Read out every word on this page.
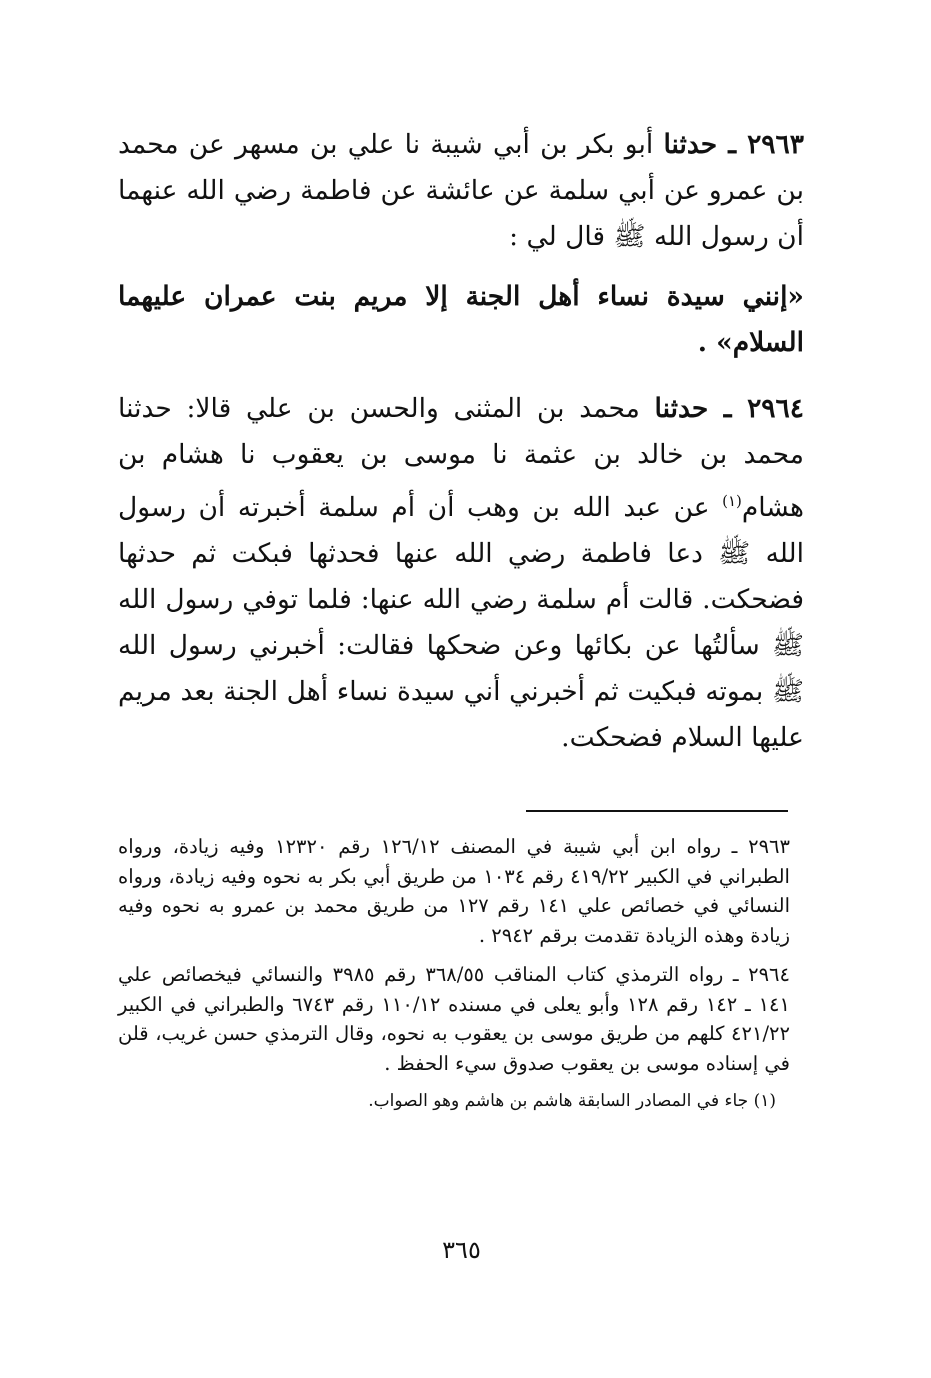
٢٩٦٣ ـ حدثنا أبو بكر بن أبي شيبة نا علي بن مسهر عن محمد بن عمرو عن أبي سلمة عن عائشة عن فاطمة رضي الله عنهما أن رسول الله ﷺ قال لي :

«إنني سيدة نساء أهل الجنة إلا مريم بنت عمران عليهما السلام» .

٢٩٦٤ ـ حدثنا محمد بن المثنى والحسن بن علي قالا: حدثنا محمد بن خالد بن عثمة نا موسى بن يعقوب نا هشام بن هشام$^{(١)}$ عن عبد الله بن وهب أن أم سلمة أخبرته أن رسول الله ﷺ دعا فاطمة رضي الله عنها فحدثها فبكت ثم حدثها فضحكت. قالت أم سلمة رضي الله عنها: فلما توفي رسول الله ﷺ سألتُها عن بكائها وعن ضحكها فقالت: أخبرني رسول الله ﷺ بموته فبكيت ثم أخبرني أني سيدة نساء أهل الجنة بعد مريم عليها السلام فضحكت.

٢٩٦٣ ـ رواه ابن أبي شيبة في المصنف ١٢٦/١٢ رقم ١٢٣٢٠ وفيه زيادة، ورواه الطبراني في الكبير ٤١٩/٢٢ رقم ١٠٣٤ من طريق أبي بكر به نحوه وفيه زيادة، ورواه النسائي في خصائص علي ١٤١ رقم ١٢٧ من طريق محمد بن عمرو به نحوه وفيه زيادة وهذه الزيادة تقدمت برقم ٢٩٤٢ .

٢٩٦٤ ـ رواه الترمذي كتاب المناقب ٣٦٨/٥٥ رقم ٣٩٨٥ والنسائي فيخصائص علي ١٤١ ـ ١٤٢ رقم ١٢٨ وأبو يعلى في مسنده ١١٠/١٢ رقم ٦٧٤٣ والطبراني في الكبير ٤٢١/٢٢ كلهم من طريق موسى بن يعقوب به نحوه، وقال الترمذي حسن غريب، قلن في إسناده موسى بن يعقوب صدوق سيء الحفظ .

(١) جاء في المصادر السابقة هاشم بن هاشم وهو الصواب.

٣٦٥
